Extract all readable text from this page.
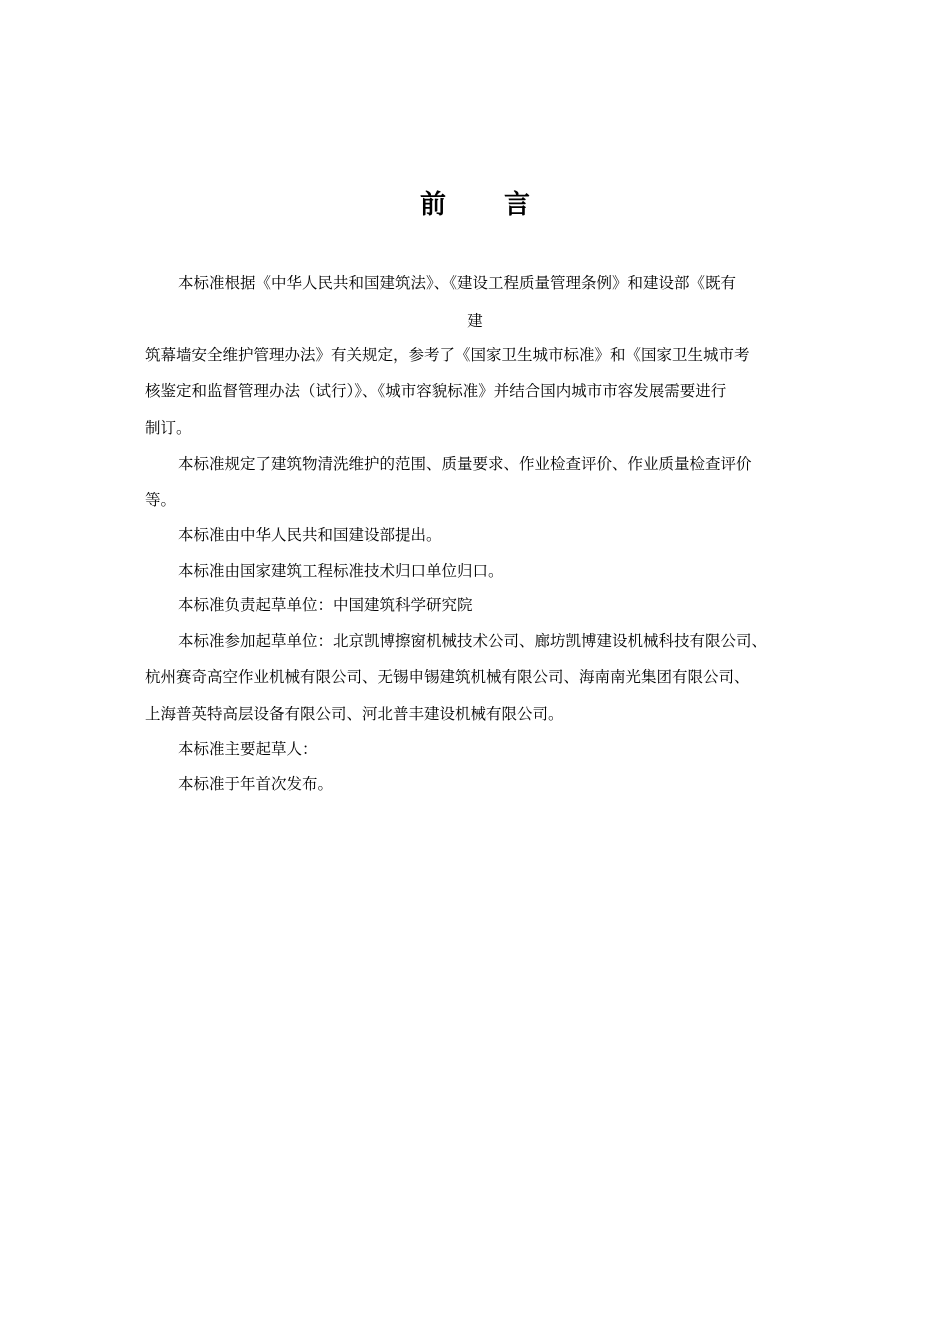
前 言
本标准根据《中华人民共和国建筑法》、《建设工程质量管理条例》和建设部《既有
建
筑幕墙安全维护管理办法》有关规定，参考了《国家卫生城市标准》和《国家卫生城市考
核鉴定和监督管理办法（试行）》、《城市容貌标准》并结合国内城市市容发展需要进行
制订。
本标准规定了建筑物清洗维护的范围、质量要求、作业检查评价、作业质量检查评价
等。
本标准由中华人民共和国建设部提出。
本标准由国家建筑工程标准技术归口单位归口。
本标准负责起草单位：中国建筑科学研究院
本标准参加起草单位：北京凯博擦窗机械技术公司、廊坊凯博建设机械科技有限公司、
杭州赛奇高空作业机械有限公司、无锡申锡建筑机械有限公司、海南南光集团有限公司、
上海普英特高层设备有限公司、河北普丰建设机械有限公司。
本标准主要起草人：
本标准于年首次发布。
